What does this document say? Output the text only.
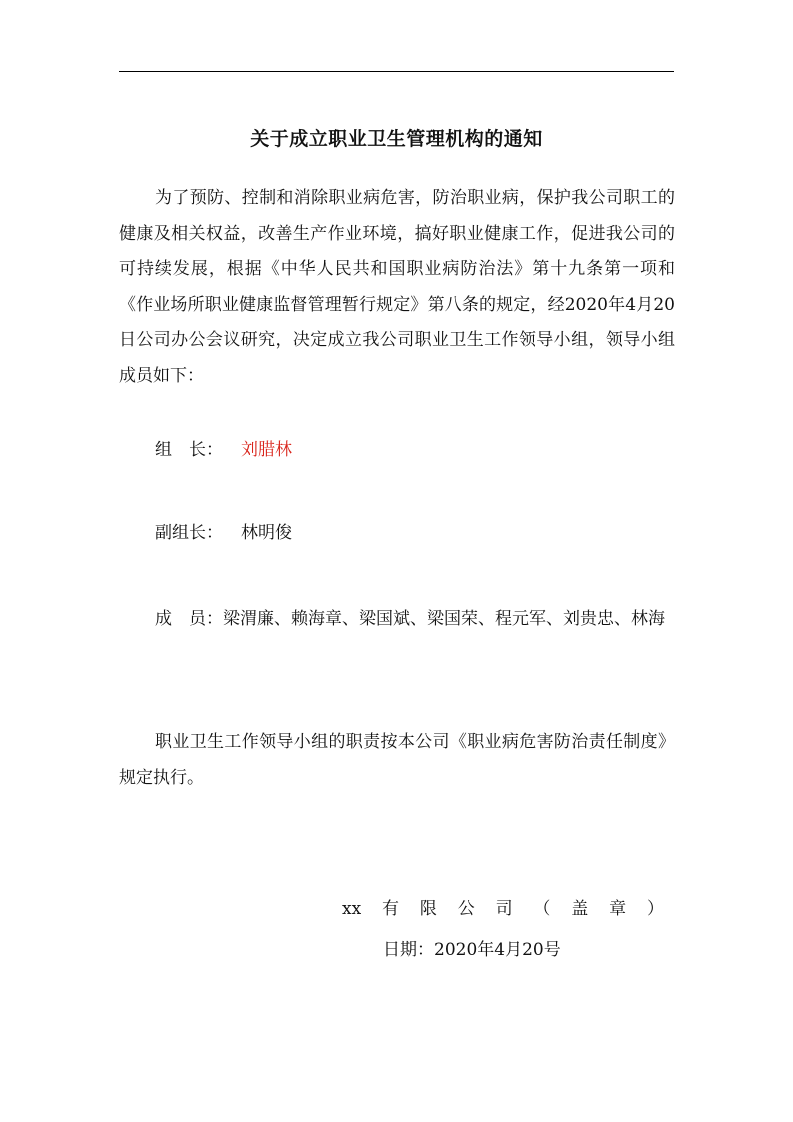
关于成立职业卫生管理机构的通知
为了预防、控制和消除职业病危害，防治职业病，保护我公司职工的健康及相关权益，改善生产作业环境，搞好职业健康工作，促进我公司的可持续发展，根据《中华人民共和国职业病防治法》第十九条第一项和《作业场所职业健康监督管理暂行规定》第八条的规定，经2020年4月20日公司办公会议研究，决定成立我公司职业卫生工作领导小组，领导小组成员如下：
组　长： 刘腊林
副组长： 林明俊
成　员：梁渭廉、赖海章、梁国斌、梁国荣、程元军、刘贵忠、林海
职业卫生工作领导小组的职责按本公司《职业病危害防治责任制度》规定执行。
xx 有 限 公 司 （ 盖 章 ）
日期：2020年4月20号
